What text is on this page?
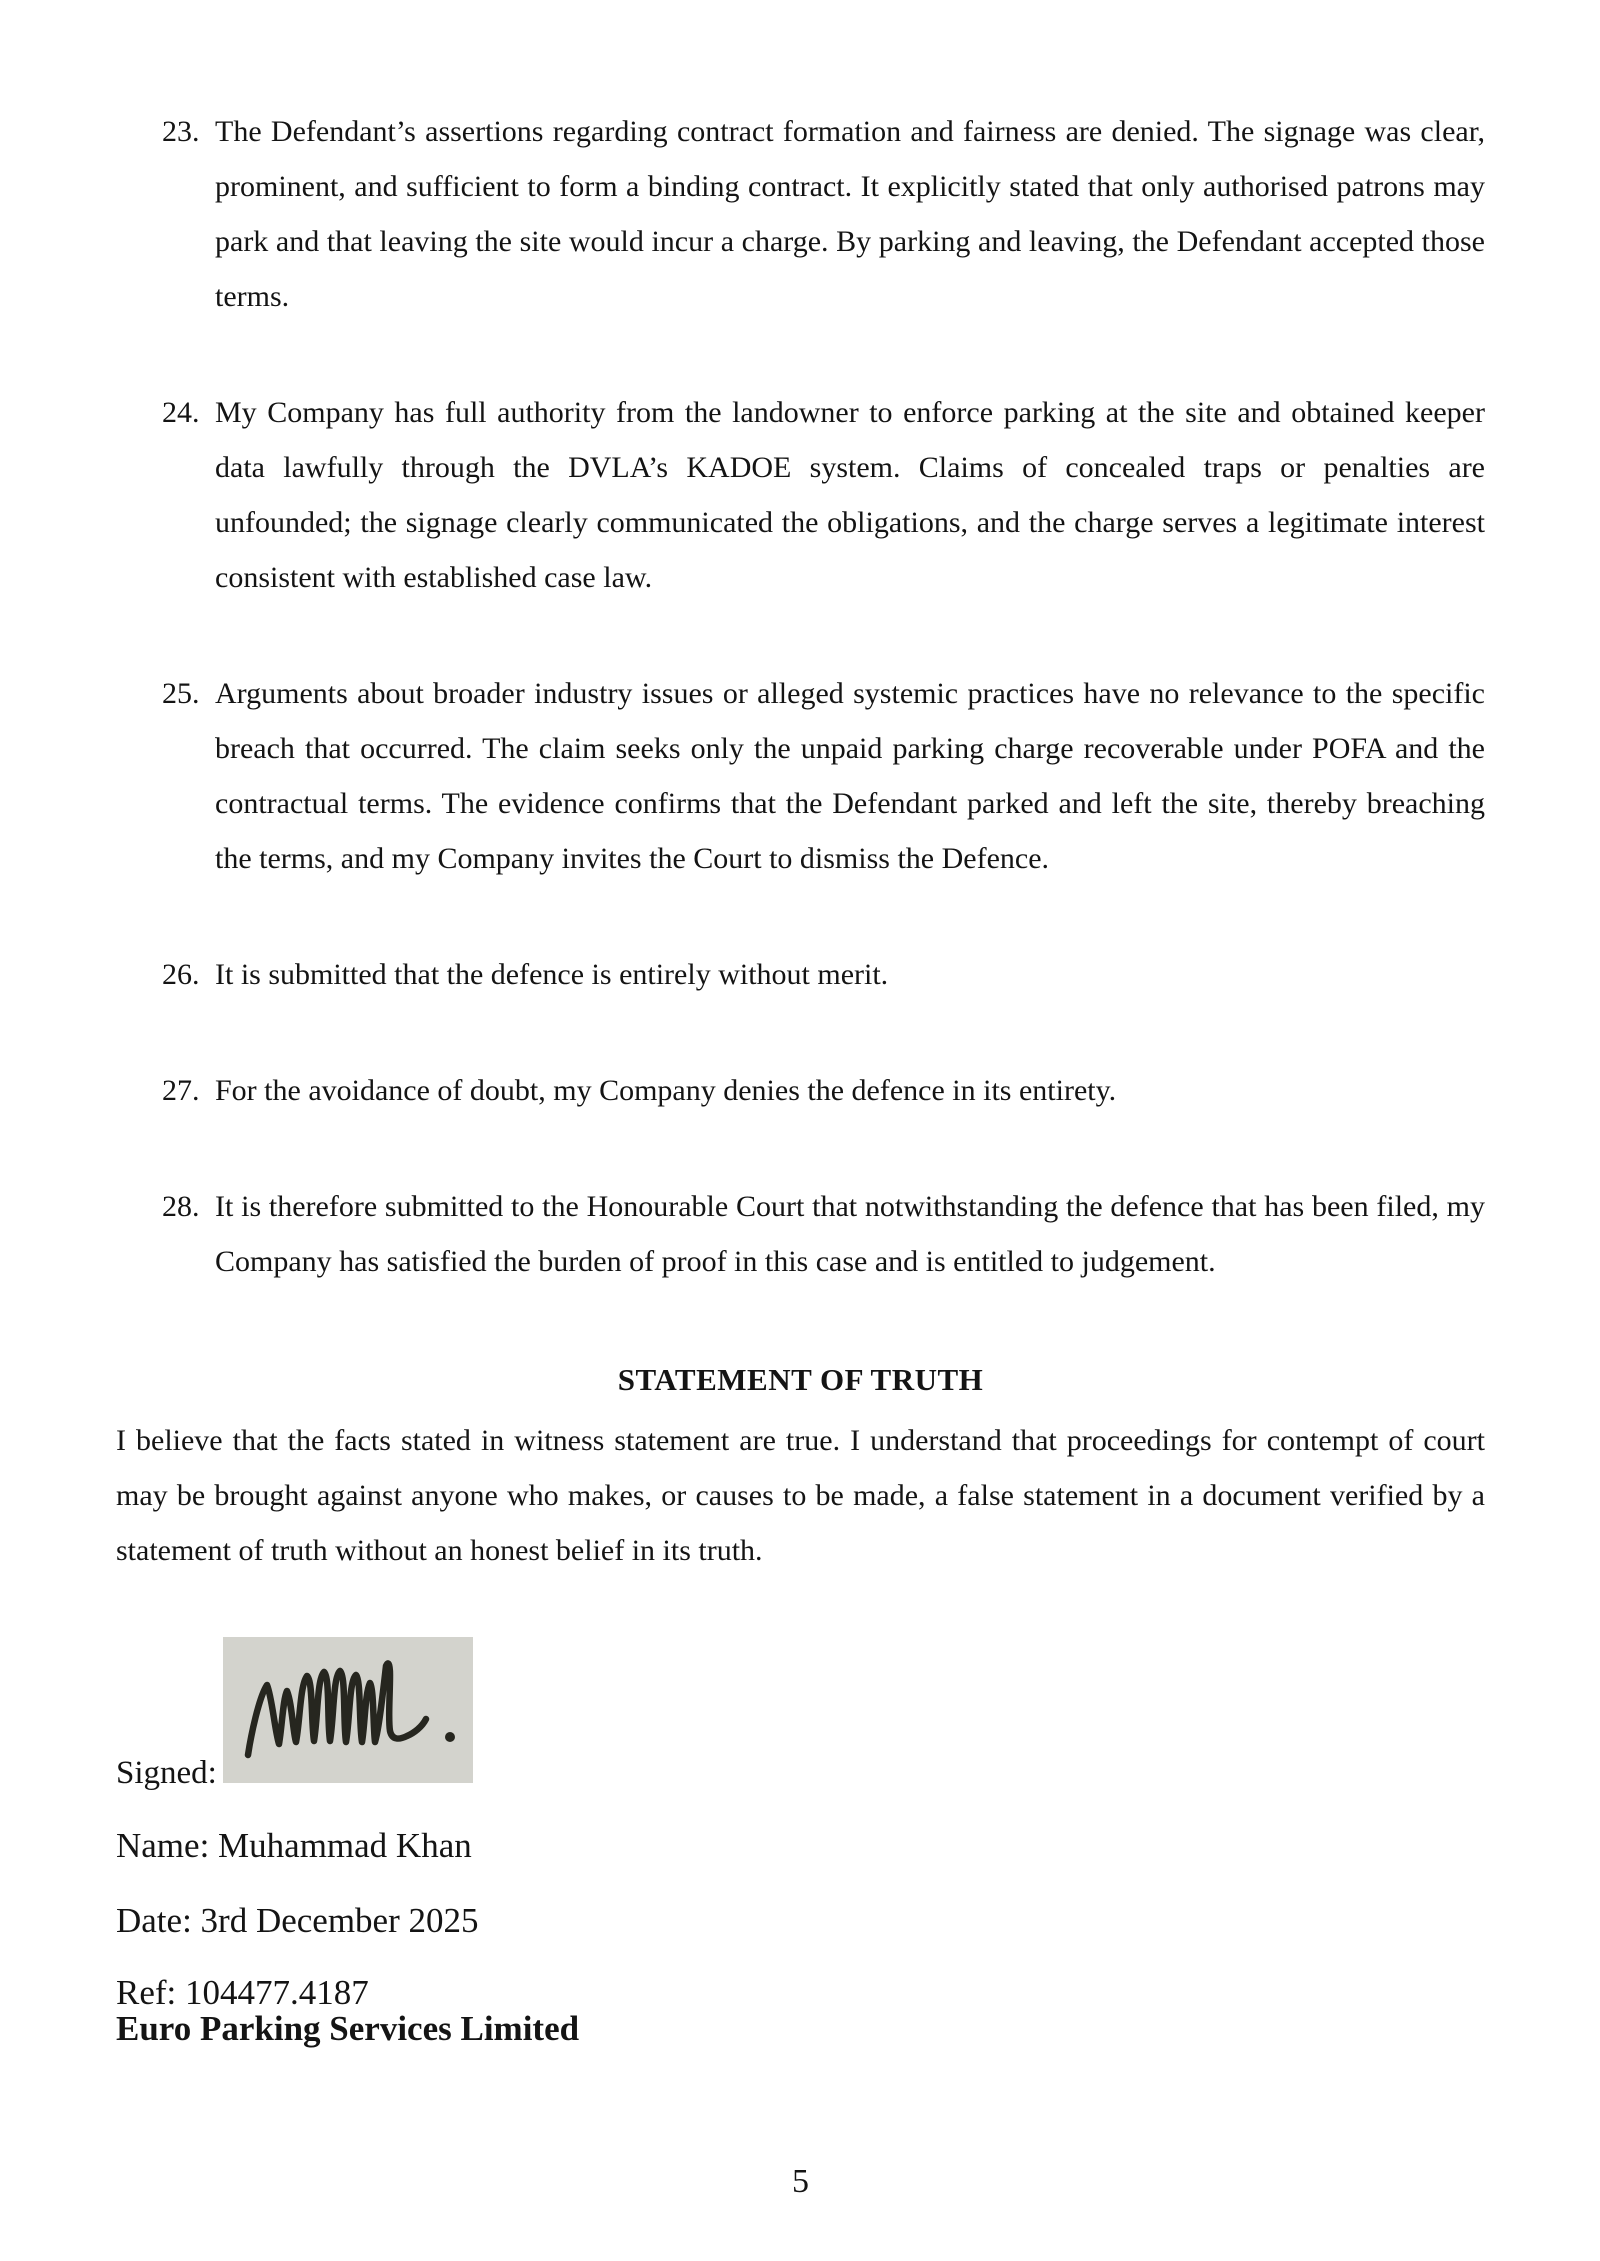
23. The Defendant’s assertions regarding contract formation and fairness are denied. The signage was clear, prominent, and sufficient to form a binding contract. It explicitly stated that only authorised patrons may park and that leaving the site would incur a charge. By parking and leaving, the Defendant accepted those terms.
24. My Company has full authority from the landowner to enforce parking at the site and obtained keeper data lawfully through the DVLA’s KADOE system. Claims of concealed traps or penalties are unfounded; the signage clearly communicated the obligations, and the charge serves a legitimate interest consistent with established case law.
25. Arguments about broader industry issues or alleged systemic practices have no relevance to the specific breach that occurred. The claim seeks only the unpaid parking charge recoverable under POFA and the contractual terms. The evidence confirms that the Defendant parked and left the site, thereby breaching the terms, and my Company invites the Court to dismiss the Defence.
26. It is submitted that the defence is entirely without merit.
27. For the avoidance of doubt, my Company denies the defence in its entirety.
28. It is therefore submitted to the Honourable Court that notwithstanding the defence that has been filed, my Company has satisfied the burden of proof in this case and is entitled to judgement.
STATEMENT OF TRUTH
I believe that the facts stated in witness statement are true. I understand that proceedings for contempt of court may be brought against anyone who makes, or causes to be made, a false statement in a document verified by a statement of truth without an honest belief in its truth.
Signed:
Name: Muhammad Khan
Date: 3rd December 2025
Ref: 104477.4187
Euro Parking Services Limited
5
